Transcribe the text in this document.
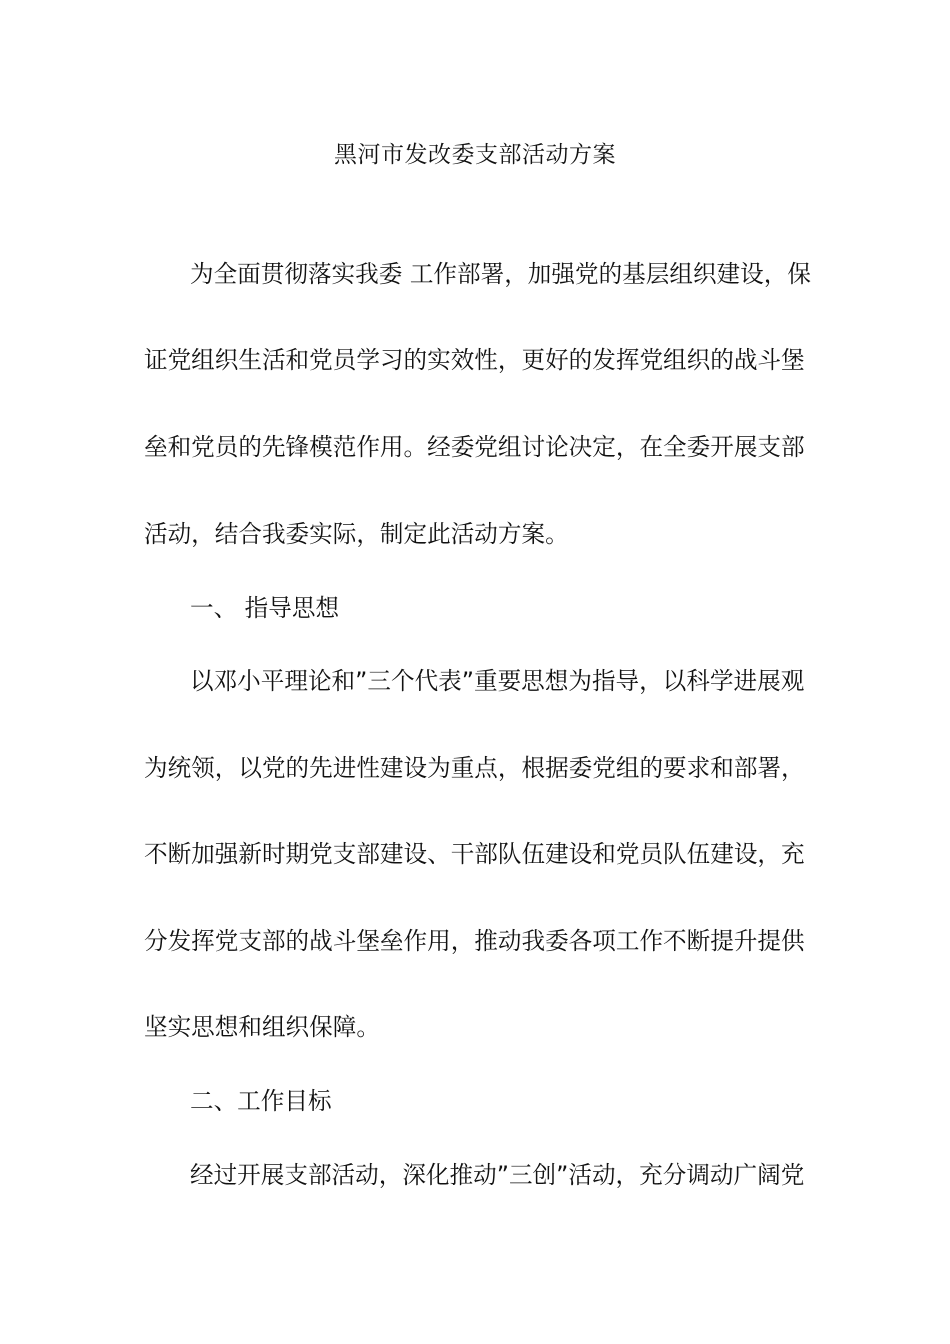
黑河市发改委支部活动方案
为全面贯彻落实我委 工作部署，加强党的基层组织建设，保
证党组织生活和党员学习的实效性，更好的发挥党组织的战斗堡
垒和党员的先锋模范作用。经委党组讨论决定，在全委开展支部
活动，结合我委实际，制定此活动方案。
一、 指导思想
以邓小平理论和”三个代表”重要思想为指导，以科学进展观
为统领，以党的先进性建设为重点，根据委党组的要求和部署，
不断加强新时期党支部建设、干部队伍建设和党员队伍建设，充
分发挥党支部的战斗堡垒作用，推动我委各项工作不断提升提供
坚实思想和组织保障。
二、工作目标
经过开展支部活动，深化推动”三创”活动，充分调动广阔党
